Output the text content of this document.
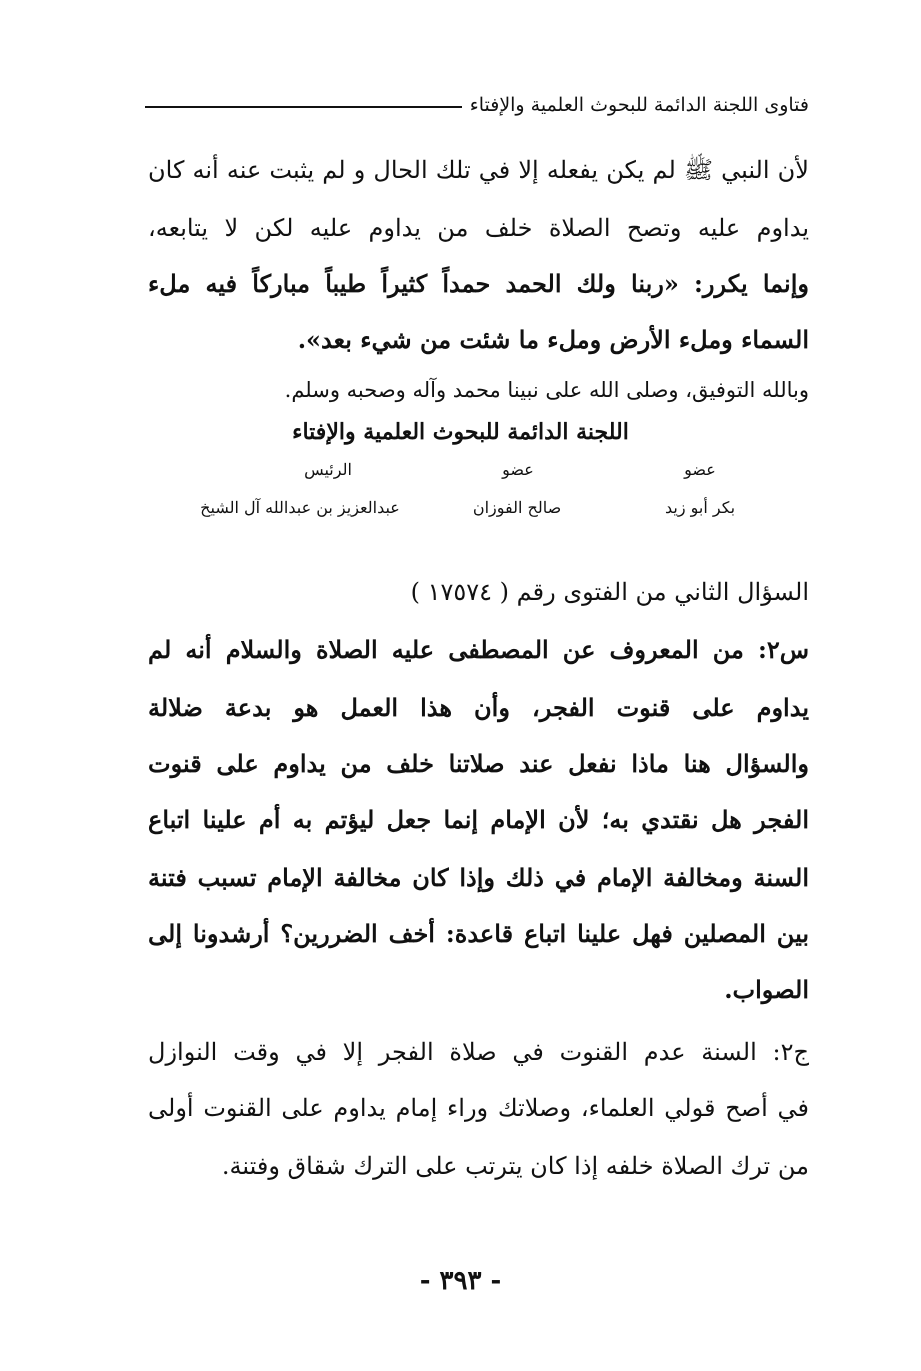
فتاوى اللجنة الدائمة للبحوث العلمية والإفتاء
لأن النبي ﷺ لم يكن يفعله إلا في تلك الحال و لم يثبت عنه أنه كان
يداوم عليه وتصح الصلاة خلف من يداوم عليه لكن لا يتابعه،
وإنما يكرر: «ربنا ولك الحمد حمداً كثيراً طيباً مباركاً فيه ملء
السماء وملء الأرض وملء ما شئت من شيء بعد».
وبالله التوفيق، وصلى الله على نبينا محمد وآله وصحبه وسلم.
اللجنة الدائمة للبحوث العلمية والإفتاء
الرئيس	عضو	عضو
عبدالعزيز بن عبدالله آل الشيخ	صالح الفوزان	بكر أبو زيد
السؤال الثاني من الفتوى رقم ( ١٧٥٧٤ )
س٢: من المعروف عن المصطفى عليه الصلاة والسلام أنه لم
يداوم على قنوت الفجر، وأن هذا العمل هو بدعة ضلالة
والسؤال هنا ماذا نفعل عند صلاتنا خلف من يداوم على قنوت
الفجر هل نقتدي به؛ لأن الإمام إنما جعل ليؤتم به أم علينا اتباع
السنة ومخالفة الإمام في ذلك وإذا كان مخالفة الإمام تسبب فتنة
بين المصلين فهل علينا اتباع قاعدة: أخف الضررين؟ أرشدونا إلى
الصواب.
ج٢: السنة عدم القنوت في صلاة الفجر إلا في وقت النوازل
في أصح قولي العلماء، وصلاتك وراء إمام يداوم على القنوت أولى
من ترك الصلاة خلفه إذا كان يترتب على الترك شقاق وفتنة.
- ٣٩٣ -
